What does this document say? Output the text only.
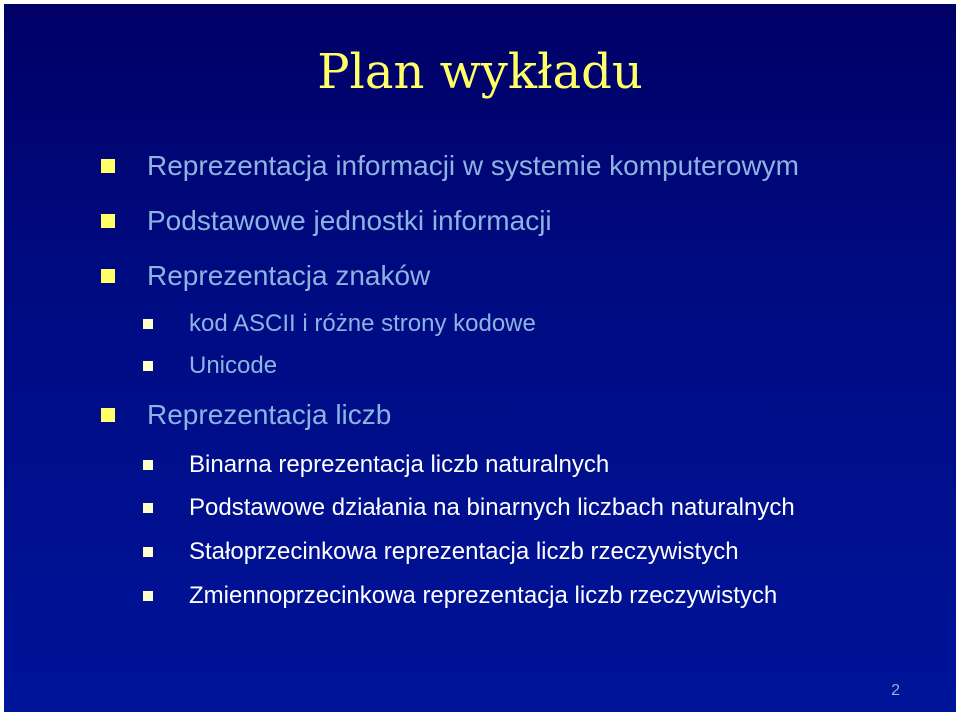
Plan wykładu
Reprezentacja informacji w systemie komputerowym
Podstawowe jednostki informacji
Reprezentacja znaków
kod ASCII i różne strony kodowe
Unicode
Reprezentacja liczb
Binarna reprezentacja liczb naturalnych
Podstawowe działania na binarnych liczbach naturalnych
Stałoprzecinkowa reprezentacja liczb rzeczywistych
Zmiennoprzecinkowa reprezentacja liczb rzeczywistych
2
